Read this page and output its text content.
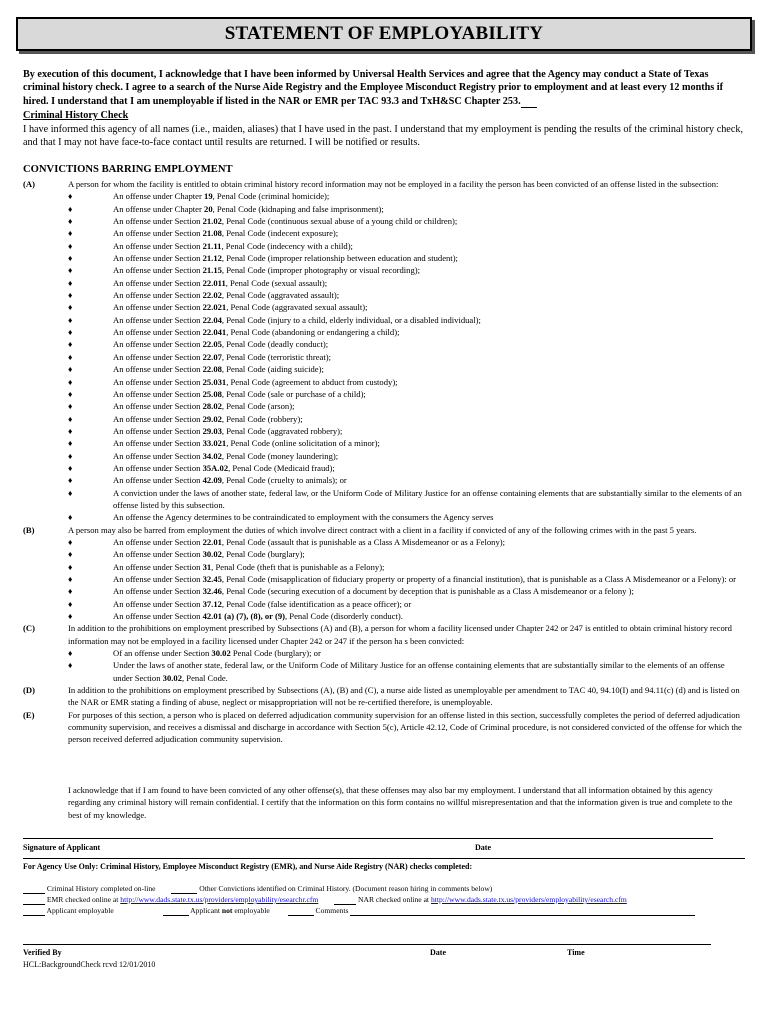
STATEMENT OF EMPLOYABILITY
By execution of this document, I acknowledge that I have been informed by Universal Health Services and agree that the Agency may conduct a State of Texas criminal history check. I agree to a search of the Nurse Aide Registry and the Employee Misconduct Registry prior to employment and at least every 12 months if hired. I understand that I am unemployable if listed in the NAR or EMR per TAC 93.3 and TxH&SC Chapter 253.
Criminal History Check
I have informed this agency of all names (i.e., maiden, aliases) that I have used in the past. I understand that my employment is pending the results of the criminal history check, and that I may not have face-to-face contact until results are returned. I will be notified or results.
CONVICTIONS BARRING EMPLOYMENT
(A)	A person for whom the facility is entitled to obtain criminal history record information may not be employed in a facility the person has been convicted of an offense listed in the subsection:
♦	An offense under Chapter 19, Penal Code (criminal homicide);
♦	An offense under Chapter 20, Penal Code (kidnaping and false imprisonment);
♦	An offense under Section 21.02, Penal Code (continuous sexual abuse of a young child or children);
♦	An offense under Section 21.08, Penal Code (indecent exposure);
♦	An offense under Section 21.11, Penal Code (indecency with a child);
♦	An offense under Section 21.12, Penal Code (improper relationship between education and student);
♦	An offense under Section 21.15, Penal Code (improper photography or visual recording);
♦	An offense under Section 22.011, Penal Code (sexual assault);
♦	An offense under Section 22.02, Penal Code (aggravated assault);
♦	An offense under Section 22.021, Penal Code (aggravated sexual assault);
♦	An offense under Section 22.04, Penal Code (injury to a child, elderly individual, or a disabled individual);
♦	An offense under Section 22.041, Penal Code (abandoning or endangering a child);
♦	An offense under Section 22.05, Penal Code (deadly conduct);
♦	An offense under Section 22.07, Penal Code (terroristic threat);
♦	An offense under Section 22.08, Penal Code (aiding suicide);
♦	An offense under Section 25.031, Penal Code (agreement to abduct from custody);
♦	An offense under Section 25.08, Penal Code (sale or purchase of a child);
♦	An offense under Section 28.02, Penal Code (arson);
♦	An offense under Section 29.02, Penal Code (robbery);
♦	An offense under Section 29.03, Penal Code (aggravated robbery);
♦	An offense under Section 33.021, Penal Code (online solicitation of a minor);
♦	An offense under Section 34.02, Penal Code (money laundering);
♦	An offense under Section 35A.02, Penal Code (Medicaid fraud);
♦	An offense under Section 42.09, Penal Code (cruelty to animals); or
♦	A conviction under the laws of another state, federal law, or the Uniform Code of Military Justice for an offense containing elements that are substantially similar to the elements of an offense listed by this subsection.
♦	An offense the Agency determines to be contraindicated to employment with the consumers the Agency serves
(B)	A person may also be barred from employment the duties of which involve direct contract with a client in a facility if convicted of any of the following crimes with in the past 5 years.
♦	An offense under Section 22.01, Penal Code (assault that is punishable as a Class A Misdemeanor or as a Felony);
♦	An offense under Section 30.02, Penal Code (burglary);
♦	An offense under Section 31, Penal Code (theft that is punishable as a Felony);
♦	An offense under Section 32.45, Penal Code (misapplication of fiduciary property or property of a financial institution), that is punishable as a Class A Misdemeanor or a Felony): or
♦	An offense under Section 32.46, Penal Code (securing execution of a document by deception that is punishable as a Class A misdemeanor or a felony );
♦	An offense under Section 37.12, Penal Code (false identification as a peace officer); or
♦	An offense under Section 42.01 (a) (7), (8), or (9), Penal Code (disorderly conduct).
(C)	In addition to the prohibitions on employment prescribed by Subsections (A) and (B), a person for whom a facility licensed under Chapter 242 or 247 is entitled to obtain criminal history record information may not be employed in a facility licensed under Chapter 242 or 247 if the person ha s been convicted:
♦	Of an offense under Section 30.02 Penal Code (burglary); or
♦	Under the laws of another state, federal law, or the Uniform Code of Military Justice for an offense containing elements that are substantially similar to the elements of an offense under Section 30.02, Penal Code.
(D)	In addition to the prohibitions on employment prescribed by Subsections (A), (B) and (C), a nurse aide listed as unemployable per amendment to TAC 40, 94.10(I) and 94.11(c) (d) and is listed on the NAR or EMR stating a finding of abuse, neglect or misappropriation will not be re-certified therefore, is unemployable.
(E)	For purposes of this section, a person who is placed on deferred adjudication community supervision for an offense listed in this section, successfully completes the period of deferred adjudication community supervision, and receives a dismissal and discharge in accordance with Section 5(c), Article 42.12, Code of Criminal procedure, is not considered convicted of the offense for which the person received deferred adjudication community supervision.
I acknowledge that if I am found to have been convicted of any other offense(s), that these offenses may also bar my employment. I understand that all information obtained by this agency regarding any criminal history will remain confidential. I certify that the information on this form contains no willful misrepresentation and that the information given is true and complete to the best of my knowledge.
Signature of Applicant	Date
For Agency Use Only: Criminal History, Employee Misconduct Registry (EMR), and Nurse Aide Registry (NAR) checks completed:
Criminal History completed on-line	Other Convictions identified on Criminal History. (Document reason hiring in comments below)
EMR checked online at http://www.dads.state.tx.us/providers/employability/esearchr.cfm	NAR checked online at http://www.dads.state.tx.us/providers/employability/esearch.cfm
Applicant employable	Applicant not employable	Comments
Verified By	Date	Time
HCL:BackgroundCheck rcvd 12/01/2010
